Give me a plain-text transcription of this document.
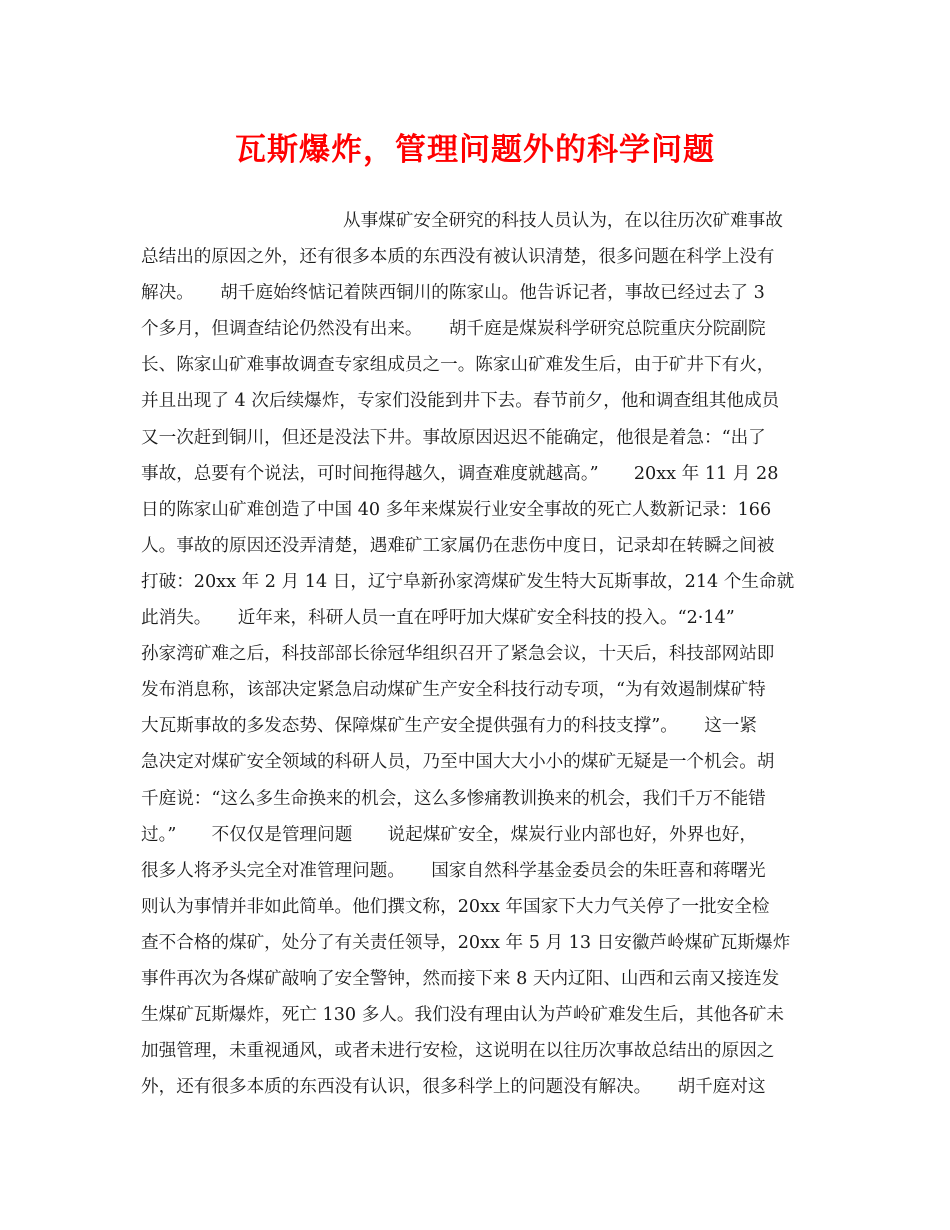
瓦斯爆炸，管理问题外的科学问题
从事煤矿安全研究的科技人员认为，在以往历次矿难事故
总结出的原因之外，还有很多本质的东西没有被认识清楚，很多问题在科学上没有
解决。　　胡千庭始终惦记着陕西铜川的陈家山。他告诉记者，事故已经过去了 3
个多月，但调查结论仍然没有出来。　　胡千庭是煤炭科学研究总院重庆分院副院
长、陈家山矿难事故调查专家组成员之一。陈家山矿难发生后，由于矿井下有火，
并且出现了 4 次后续爆炸，专家们没能到井下去。春节前夕，他和调查组其他成员
又一次赶到铜川，但还是没法下井。事故原因迟迟不能确定，他很是着急：“出了
事故，总要有个说法，可时间拖得越久，调查难度就越高。”　　20xx 年 11 月 28
日的陈家山矿难创造了中国 40 多年来煤炭行业安全事故的死亡人数新记录：166
人。事故的原因还没弄清楚，遇难矿工家属仍在悲伤中度日，记录却在转瞬之间被
打破：20xx 年 2 月 14 日，辽宁阜新孙家湾煤矿发生特大瓦斯事故，214 个生命就
此消失。　　近年来，科研人员一直在呼吁加大煤矿安全科技的投入。“2·14”
孙家湾矿难之后，科技部部长徐冠华组织召开了紧急会议，十天后，科技部网站即
发布消息称，该部决定紧急启动煤矿生产安全科技行动专项，“为有效遏制煤矿特
大瓦斯事故的多发态势、保障煤矿生产安全提供强有力的科技支撑”。　　这一紧
急决定对煤矿安全领域的科研人员，乃至中国大大小小的煤矿无疑是一个机会。胡
千庭说：“这么多生命换来的机会，这么多惨痛教训换来的机会，我们千万不能错
过。”　　不仅仅是管理问题　　说起煤矿安全，煤炭行业内部也好，外界也好，
很多人将矛头完全对准管理问题。　　国家自然科学基金委员会的朱旺喜和蒋曙光
则认为事情并非如此简单。他们撰文称，20xx 年国家下大力气关停了一批安全检
查不合格的煤矿，处分了有关责任领导，20xx 年 5 月 13 日安徽芦岭煤矿瓦斯爆炸
事件再次为各煤矿敲响了安全警钟，然而接下来 8 天内辽阳、山西和云南又接连发
生煤矿瓦斯爆炸，死亡 130 多人。我们没有理由认为芦岭矿难发生后，其他各矿未
加强管理，未重视通风，或者未进行安检，这说明在以往历次事故总结出的原因之
外，还有很多本质的东西没有认识，很多科学上的问题没有解决。　　胡千庭对这
